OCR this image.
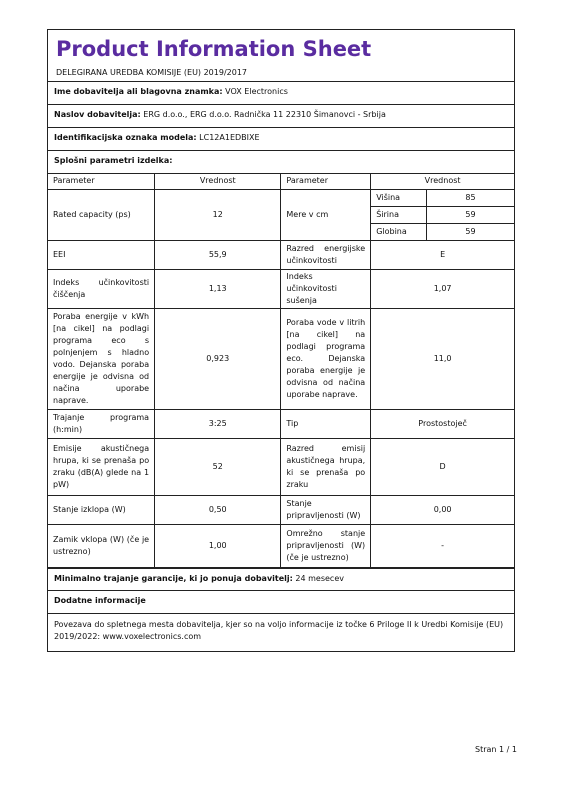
Product Information Sheet
DELEGIRANA UREDBA KOMISIJE (EU) 2019/2017
Ime dobavitelja ali blagovna znamka: VOX Electronics
Naslov dobavitelja: ERG d.o.o., ERG d.o.o. Radnička 11 22310 Šimanovci - Srbija
Identifikacijska oznaka modela: LC12A1EDBIXE
Splošni parametri izdelka:
Parameter	Vrednost	Parameter	Vrednost	
Rated capacity (ps)	12	Mere v cm	Višina	85
			Širina	59
			Globina	59
EEI	55,9	Razred energijske učinkovitosti	E	
Indeks učinkovitosti čiščenja	1,13	Indeks učinkovitosti sušenja	1,07	
Poraba energije v kWh [na cikel] na podlagi programa eco s polnjenjem s hladno vodo. Dejanska poraba energije je odvisna od načina uporabe naprave.	0,923	Poraba vode v litrih [na cikel] na podlagi programa eco. Dejanska poraba energije je odvisna od načina uporabe naprave.	11,0	
Trajanje programa (h:min)	3:25	Tip	Prostostoječ	
Emisije akustičnega hrupa, ki se prenaša po zraku (dB(A) glede na 1 pW)	52	Razred emisij akustičnega hrupa, ki se prenaša po zraku	D	
Stanje izklopa (W)	0,50	Stanje pripravljenosti (W)	0,00	
Zamik vklopa (W) (če je ustrezno)	1,00	Omrežno stanje pripravljenosti (W) (če je ustrezno)	-	
Minimalno trajanje garancije, ki jo ponuja dobavitelj: 24 mesecev
Dodatne informacije
Povezava do spletnega mesta dobavitelja, kjer so na voljo informacije iz točke 6 Priloge II k Uredbi Komisije (EU) 2019/2022: www.voxelectronics.com
Stran 1 / 1
